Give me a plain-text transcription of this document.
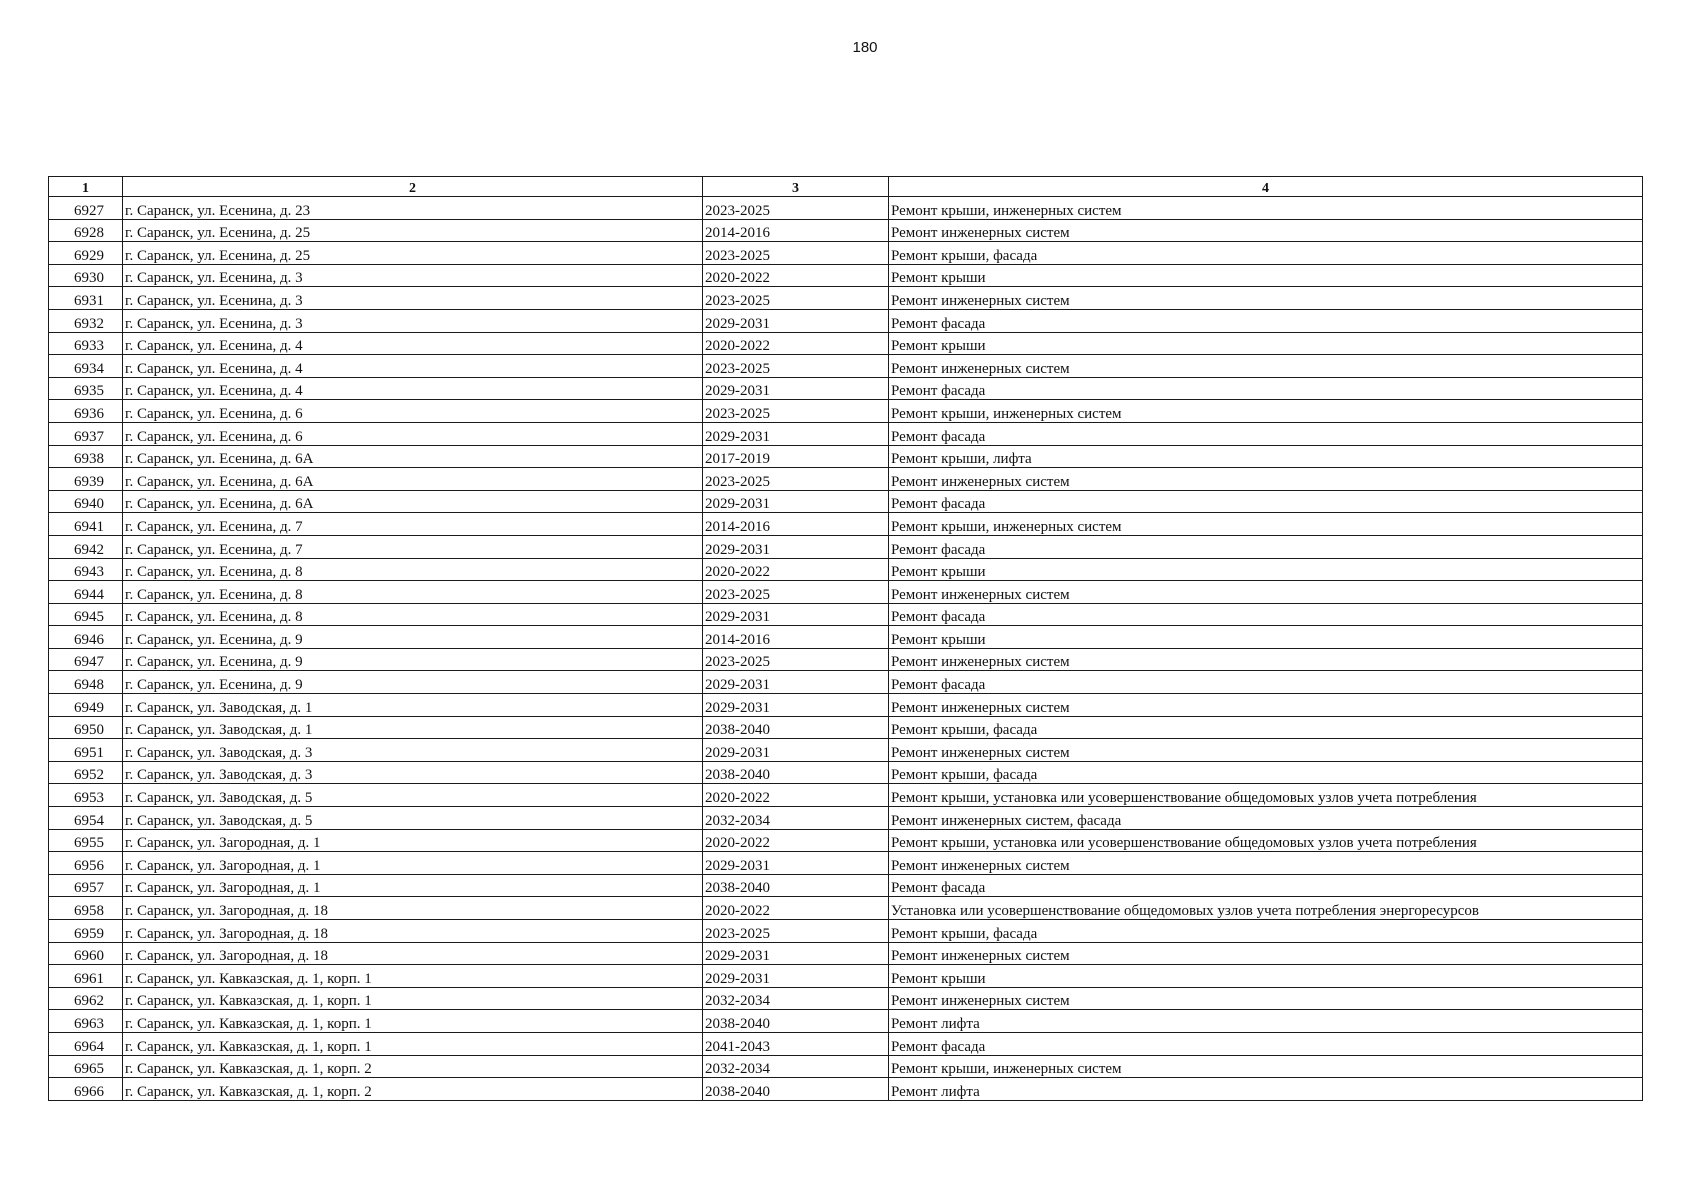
180
1	2	3	4
6927	г. Саранск, ул. Есенина, д. 23	2023-2025	Ремонт крыши, инженерных систем
6928	г. Саранск, ул. Есенина, д. 25	2014-2016	Ремонт инженерных систем
6929	г. Саранск, ул. Есенина, д. 25	2023-2025	Ремонт крыши, фасада
6930	г. Саранск, ул. Есенина, д. 3	2020-2022	Ремонт крыши
6931	г. Саранск, ул. Есенина, д. 3	2023-2025	Ремонт инженерных систем
6932	г. Саранск, ул. Есенина, д. 3	2029-2031	Ремонт фасада
6933	г. Саранск, ул. Есенина, д. 4	2020-2022	Ремонт крыши
6934	г. Саранск, ул. Есенина, д. 4	2023-2025	Ремонт инженерных систем
6935	г. Саранск, ул. Есенина, д. 4	2029-2031	Ремонт фасада
6936	г. Саранск, ул. Есенина, д. 6	2023-2025	Ремонт крыши, инженерных систем
6937	г. Саранск, ул. Есенина, д. 6	2029-2031	Ремонт фасада
6938	г. Саранск, ул. Есенина, д. 6А	2017-2019	Ремонт крыши, лифта
6939	г. Саранск, ул. Есенина, д. 6А	2023-2025	Ремонт инженерных систем
6940	г. Саранск, ул. Есенина, д. 6А	2029-2031	Ремонт фасада
6941	г. Саранск, ул. Есенина, д. 7	2014-2016	Ремонт крыши, инженерных систем
6942	г. Саранск, ул. Есенина, д. 7	2029-2031	Ремонт фасада
6943	г. Саранск, ул. Есенина, д. 8	2020-2022	Ремонт крыши
6944	г. Саранск, ул. Есенина, д. 8	2023-2025	Ремонт инженерных систем
6945	г. Саранск, ул. Есенина, д. 8	2029-2031	Ремонт фасада
6946	г. Саранск, ул. Есенина, д. 9	2014-2016	Ремонт крыши
6947	г. Саранск, ул. Есенина, д. 9	2023-2025	Ремонт инженерных систем
6948	г. Саранск, ул. Есенина, д. 9	2029-2031	Ремонт фасада
6949	г. Саранск, ул. Заводская, д. 1	2029-2031	Ремонт инженерных систем
6950	г. Саранск, ул. Заводская, д. 1	2038-2040	Ремонт крыши, фасада
6951	г. Саранск, ул. Заводская, д. 3	2029-2031	Ремонт инженерных систем
6952	г. Саранск, ул. Заводская, д. 3	2038-2040	Ремонт крыши, фасада
6953	г. Саранск, ул. Заводская, д. 5	2020-2022	Ремонт крыши, установка или усовершенствование общедомовых узлов учета потребления
6954	г. Саранск, ул. Заводская, д. 5	2032-2034	Ремонт инженерных систем, фасада
6955	г. Саранск, ул. Загородная, д. 1	2020-2022	Ремонт крыши, установка или усовершенствование общедомовых узлов учета потребления
6956	г. Саранск, ул. Загородная, д. 1	2029-2031	Ремонт инженерных систем
6957	г. Саранск, ул. Загородная, д. 1	2038-2040	Ремонт фасада
6958	г. Саранск, ул. Загородная, д. 18	2020-2022	Установка или усовершенствование общедомовых узлов учета потребления энергоресурсов
6959	г. Саранск, ул. Загородная, д. 18	2023-2025	Ремонт крыши, фасада
6960	г. Саранск, ул. Загородная, д. 18	2029-2031	Ремонт инженерных систем
6961	г. Саранск, ул. Кавказская, д. 1, корп. 1	2029-2031	Ремонт крыши
6962	г. Саранск, ул. Кавказская, д. 1, корп. 1	2032-2034	Ремонт инженерных систем
6963	г. Саранск, ул. Кавказская, д. 1, корп. 1	2038-2040	Ремонт лифта
6964	г. Саранск, ул. Кавказская, д. 1, корп. 1	2041-2043	Ремонт фасада
6965	г. Саранск, ул. Кавказская, д. 1, корп. 2	2032-2034	Ремонт крыши, инженерных систем
6966	г. Саранск, ул. Кавказская, д. 1, корп. 2	2038-2040	Ремонт лифта
